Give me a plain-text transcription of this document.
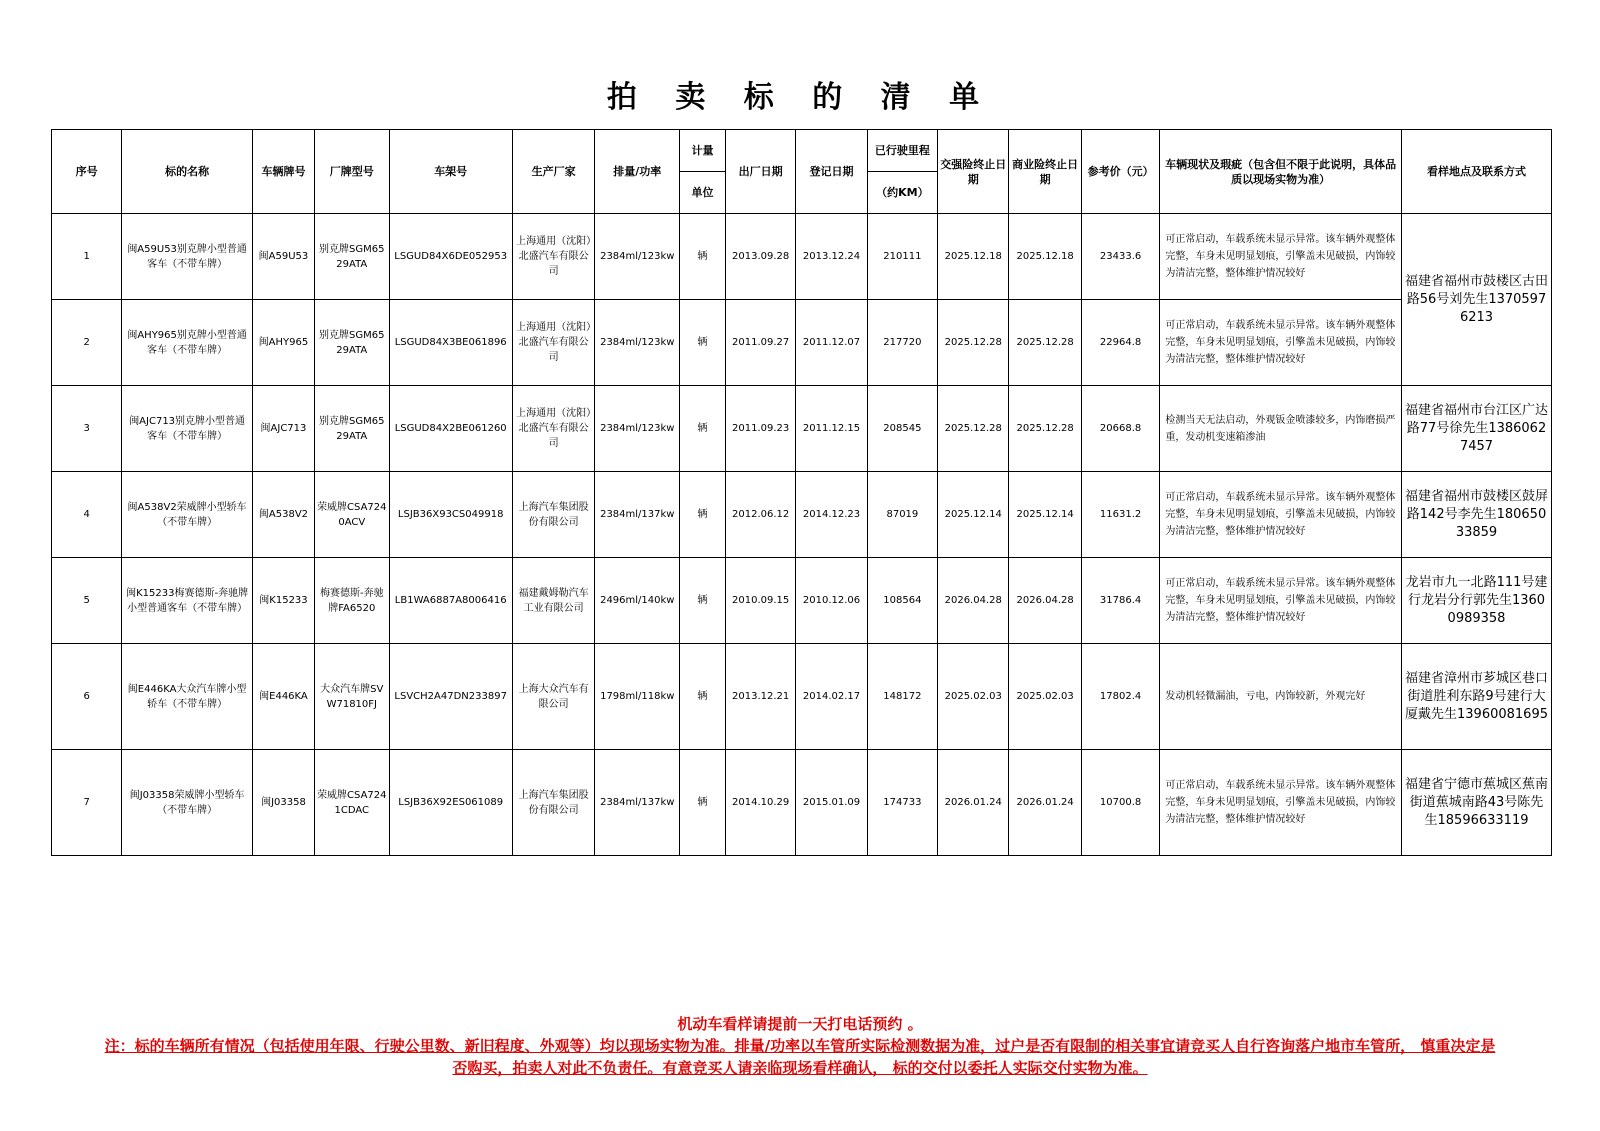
拍 卖 标 的 清 单
序号	标的名称	车辆牌号	厂牌型号	车架号	生产厂家	排量/功率	计量	出厂日期	登记日期	已行驶里程	交强险终止日期	商业险终止日期	参考价（元）	车辆现状及瑕疵（包含但不限于此说明，具体品质以现场实物为准）	看样地点及联系方式
							单位			（约KM）					
1	闽A59U53别克牌小型普通客车（不带车牌）	闽A59U53	别克牌SGM6529ATA	LSGUD84X6DE052953	上海通用（沈阳）北盛汽车有限公司	2384ml/123kw	辆	2013.09.28	2013.12.24	210111	2025.12.18	2025.12.18	23433.6	可正常启动，车载系统未显示异常。该车辆外观整体完整，车身未见明显划痕，引擎盖未见破损，内饰较为清洁完整，整体维护情况较好	福建省福州市鼓楼区古田路56号刘先生13705976213
2	闽AHY965别克牌小型普通客车（不带车牌）	闽AHY965	别克牌SGM6529ATA	LSGUD84X3BE061896	上海通用（沈阳）北盛汽车有限公司	2384ml/123kw	辆	2011.09.27	2011.12.07	217720	2025.12.28	2025.12.28	22964.8	可正常启动，车载系统未显示异常。该车辆外观整体完整，车身未见明显划痕，引擎盖未见破损，内饰较为清洁完整，整体维护情况较好	
3	闽AJC713别克牌小型普通客车（不带车牌）	闽AJC713	别克牌SGM6529ATA	LSGUD84X2BE061260	上海通用（沈阳）北盛汽车有限公司	2384ml/123kw	辆	2011.09.23	2011.12.15	208545	2025.12.28	2025.12.28	20668.8	检测当天无法启动，外观钣金喷漆较多，内饰磨损严重，发动机变速箱渗油	福建省福州市台江区广达路77号徐先生13860627457
4	闽A538V2荣威牌小型轿车（不带车牌）	闽A538V2	荣威牌CSA7240ACV	LSJB36X93CS049918	上海汽车集团股份有限公司	2384ml/137kw	辆	2012.06.12	2014.12.23	87019	2025.12.14	2025.12.14	11631.2	可正常启动，车载系统未显示异常。该车辆外观整体完整，车身未见明显划痕，引擎盖未见破损，内饰较为清洁完整，整体维护情况较好	福建省福州市鼓楼区鼓屏路142号李先生18065033859
5	闽K15233梅赛德斯-奔驰牌小型普通客车（不带车牌）	闽K15233	梅赛德斯-奔驰牌FA6520	LB1WA6887A8006416	福建戴姆勒汽车工业有限公司	2496ml/140kw	辆	2010.09.15	2010.12.06	108564	2026.04.28	2026.04.28	31786.4	可正常启动，车载系统未显示异常。该车辆外观整体完整，车身未见明显划痕，引擎盖未见破损，内饰较为清洁完整，整体维护情况较好	龙岩市九一北路111号建行龙岩分行郭先生13600989358
6	闽E446KA大众汽车牌小型轿车（不带车牌）	闽E446KA	大众汽车牌SVW71810FJ	LSVCH2A47DN233897	上海大众汽车有限公司	1798ml/118kw	辆	2013.12.21	2014.02.17	148172	2025.02.03	2025.02.03	17802.4	发动机轻微漏油，亏电，内饰较新，外观完好	福建省漳州市芗城区巷口街道胜利东路9号建行大厦戴先生13960081695
7	闽J03358荣威牌小型轿车（不带车牌）	闽J03358	荣威牌CSA7241CDAC	LSJB36X92ES061089	上海汽车集团股份有限公司	2384ml/137kw	辆	2014.10.29	2015.01.09	174733	2026.01.24	2026.01.24	10700.8	可正常启动，车载系统未显示异常。该车辆外观整体完整，车身未见明显划痕，引擎盖未见破损，内饰较为清洁完整，整体维护情况较好	福建省宁德市蕉城区蕉南街道蕉城南路43号陈先生18596633119
机动车看样请提前一天打电话预约 。
注：标的车辆所有情况（包括使用年限、行驶公里数、新旧程度、外观等）均以现场实物为准。排量/功率以车管所实际检测数据为准，过户是否有限制的相关事宜请竞买人自行咨询落户地市车管所， 慎重决定是否购买，拍卖人对此不负责任。有意竞买人请亲临现场看样确认， 标的交付以委托人实际交付实物为准。
